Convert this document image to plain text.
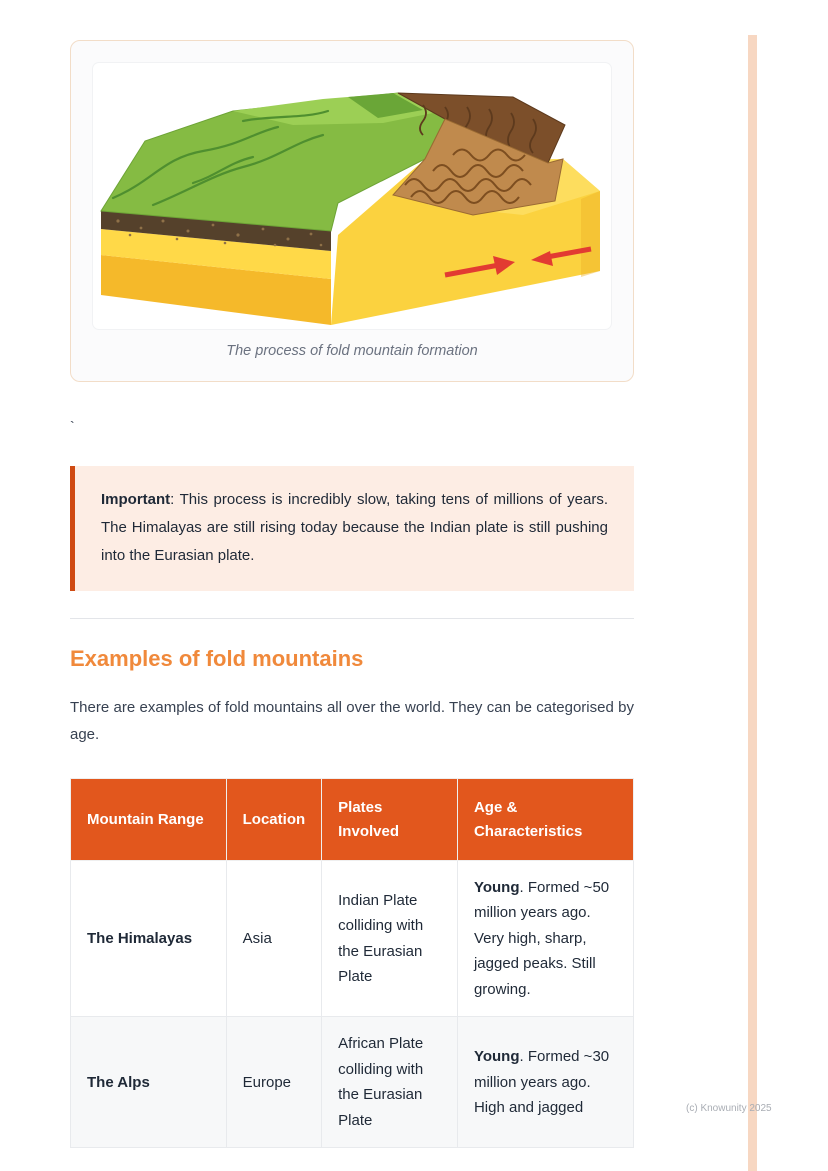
The process of fold mountain formation

`

Important: This process is incredibly slow, taking tens of millions of years. The Himalayas are still rising today because the Indian plate is still pushing into the Eurasian plate.

Examples of fold mountains

There are examples of fold mountains all over the world. They can be categorised by age.

Mountain Range	Location	Plates Involved	Age & Characteristics
The Himalayas	Asia	Indian Plate colliding with the Eurasian Plate	Young. Formed ~50 million years ago. Very high, sharp, jagged peaks. Still growing.
The Alps	Europe	African Plate colliding with the Eurasian Plate	Young. Formed ~30 million years ago. High and jagged	(c) Knowunity 2025
